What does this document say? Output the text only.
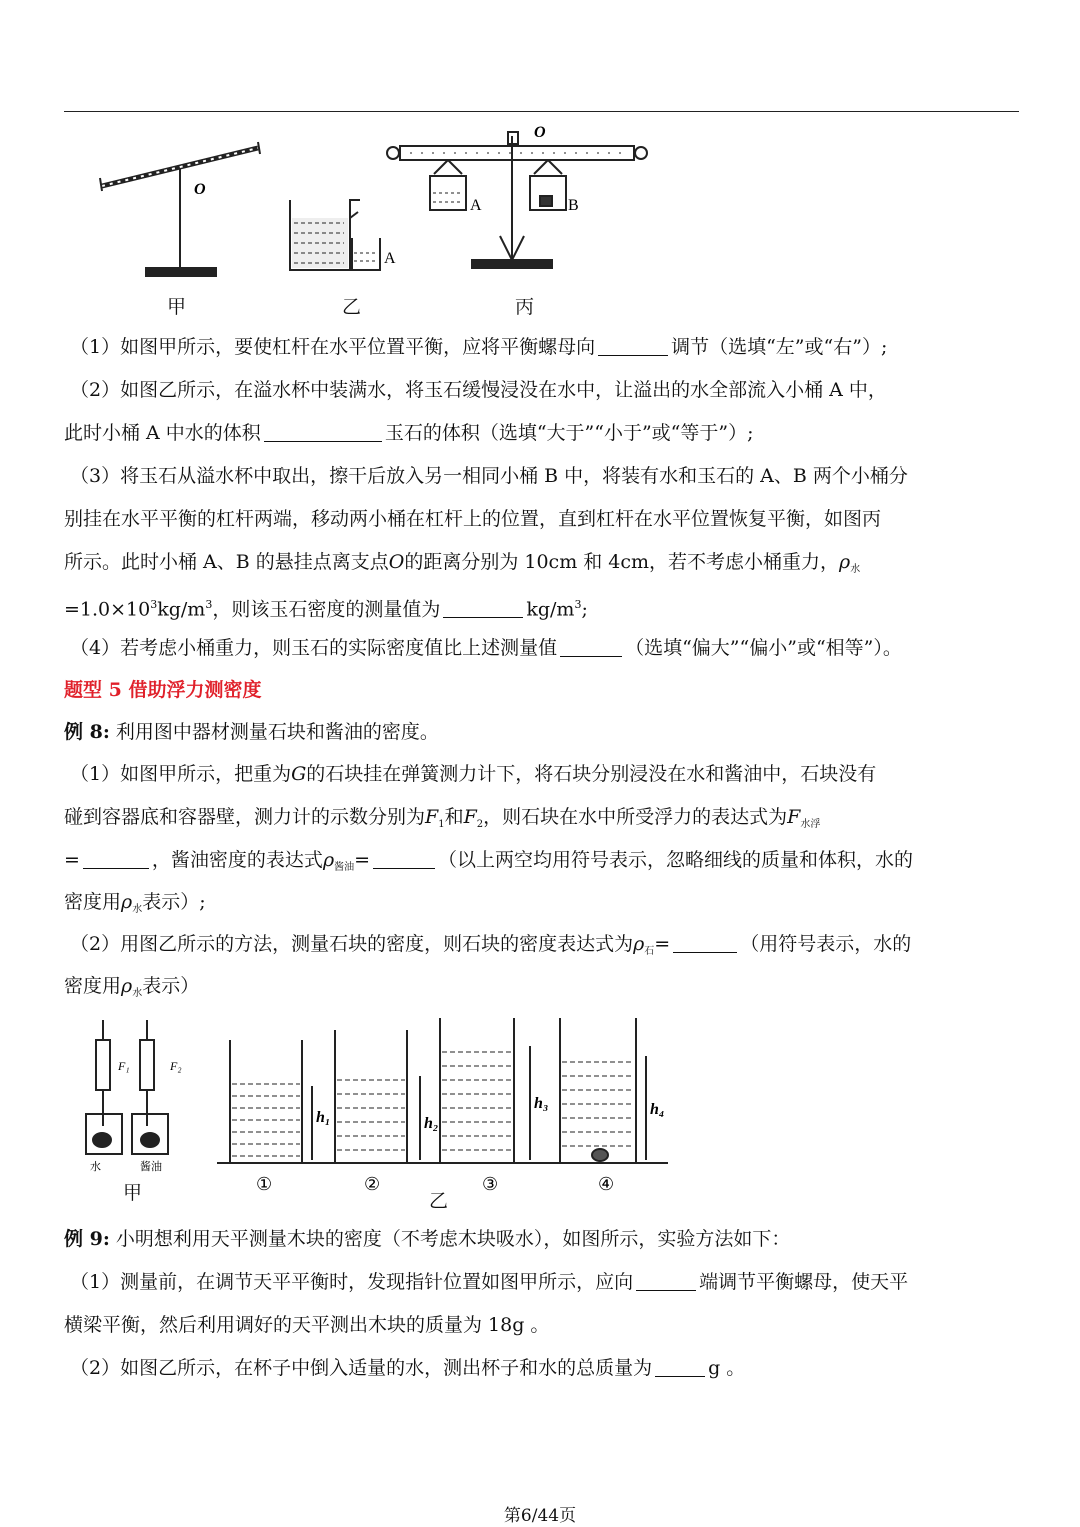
O
A
O
A	B
甲	乙	丙
（1）如图甲所示，要使杠杆在水平位置平衡，应将平衡螺母向	调节（选填“左”或“右”）;
（2）如图乙所示，在溢水杯中装满水，将玉石缓慢浸没在水中，让溢出的水全部流入小桶 A 中，
此时小桶 A 中水的体积	玉石的体积（选填“大于”“小于”或“等于”）;
（3）将玉石从溢水杯中取出，擦干后放入另一相同小桶 B 中，将装有水和玉石的 A、B 两个小桶分
别挂在水平平衡的杠杆两端，移动两小桶在杠杆上的位置，直到杠杆在水平位置恢复平衡，如图丙
所示。此时小桶 A、B 的悬挂点离支点O的距离分别为 10cm 和 4cm，若不考虑小桶重力，$\rho_水$
$=1.0\times 10^3kg/m^3$，则该玉石密度的测量值为	$kg/m^3$;
（4）若考虑小桶重力，则玉石的实际密度值比上述测量值	（选填“偏大”“偏小”或“相等”）。
题型 5 借助浮力测密度
例 8: 利用图中器材测量石块和酱油的密度。
（1）如图甲所示，把重为G的石块挂在弹簧测力计下，将石块分别浸没在水和酱油中，石块没有
碰到容器底和容器壁，测力计的示数分别为$F_1$和$F_2$，则石块在水中所受浮力的表达式为$F_{水浮}$
=	，酱油密度的表达式$\rho_{酱油}=$	（以上两空均用符号表示，忽略细线的质量和体积，水的
密度用$\rho_水$表示）;
（2）用图乙所示的方法，测量石块的密度，则石块的密度表达式为$\rho_石=$	（用符号表示，水的
密度用$\rho_水$表示）
水	酱油
F₁	F₂
h₁	h₂
h₃	h₄
①	②	③	④
甲	乙
例 9: 小明想利用天平测量木块的密度（不考虑木块吸水），如图所示，实验方法如下：
（1）测量前，在调节天平平衡时，发现指针位置如图甲所示，应向	端调节平衡螺母，使天平
横梁平衡，然后利用调好的天平测出木块的质量为 18g 。
（2）如图乙所示，在杯子中倒入适量的水，测出杯子和水的总质量为	g 。
第6/44页
